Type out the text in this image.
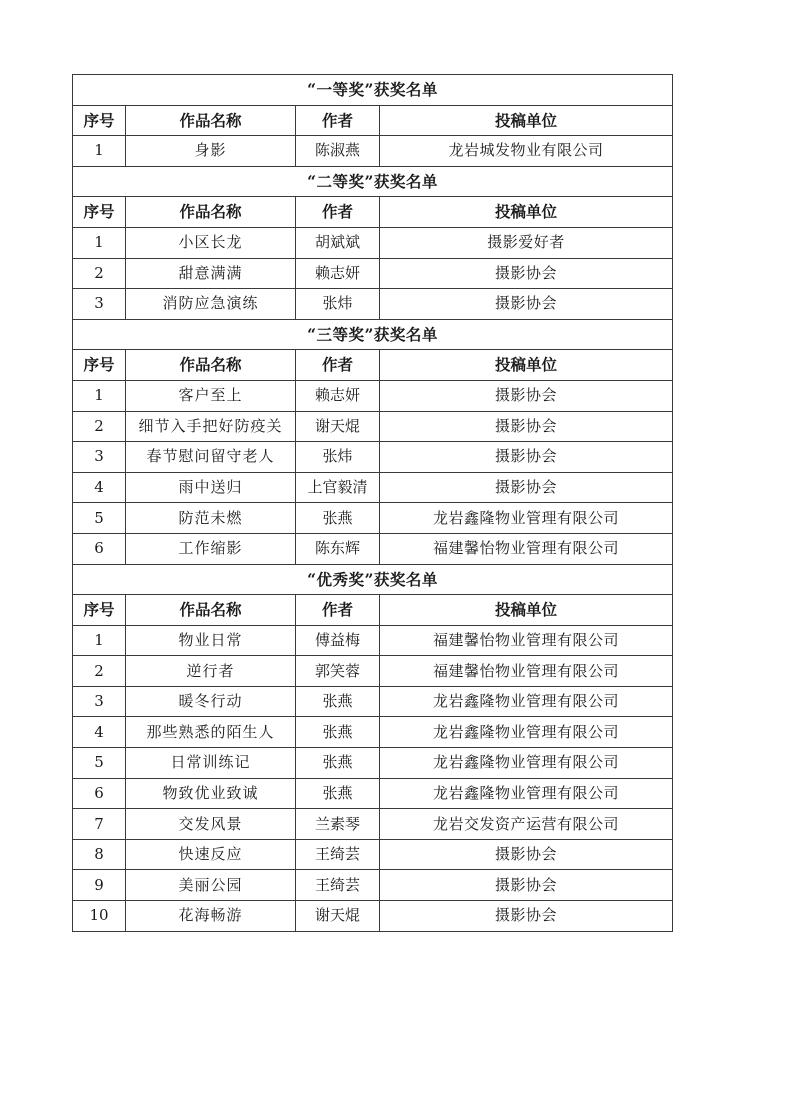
“一等奖”获奖名单			
序号	作品名称	作者	投稿单位
1	身影	陈淑燕	龙岩城发物业有限公司
“二等奖”获奖名单			
序号	作品名称	作者	投稿单位
1	小区长龙	胡斌斌	摄影爱好者
2	甜意满满	赖志妍	摄影协会
3	消防应急演练	张炜	摄影协会
“三等奖”获奖名单			
序号	作品名称	作者	投稿单位
1	客户至上	赖志妍	摄影协会
2	细节入手把好防疫关	谢天焜	摄影协会
3	春节慰问留守老人	张炜	摄影协会
4	雨中送归	上官毅清	摄影协会
5	防范未燃	张燕	龙岩鑫隆物业管理有限公司
6	工作缩影	陈东辉	福建馨怡物业管理有限公司
“优秀奖”获奖名单			
序号	作品名称	作者	投稿单位
1	物业日常	傅益梅	福建馨怡物业管理有限公司
2	逆行者	郭笑蓉	福建馨怡物业管理有限公司
3	暖冬行动	张燕	龙岩鑫隆物业管理有限公司
4	那些熟悉的陌生人	张燕	龙岩鑫隆物业管理有限公司
5	日常训练记	张燕	龙岩鑫隆物业管理有限公司
6	物致优业致诚	张燕	龙岩鑫隆物业管理有限公司
7	交发风景	兰素琴	龙岩交发资产运营有限公司
8	快速反应	王绮芸	摄影协会
9	美丽公园	王绮芸	摄影协会
10	花海畅游	谢天焜	摄影协会
